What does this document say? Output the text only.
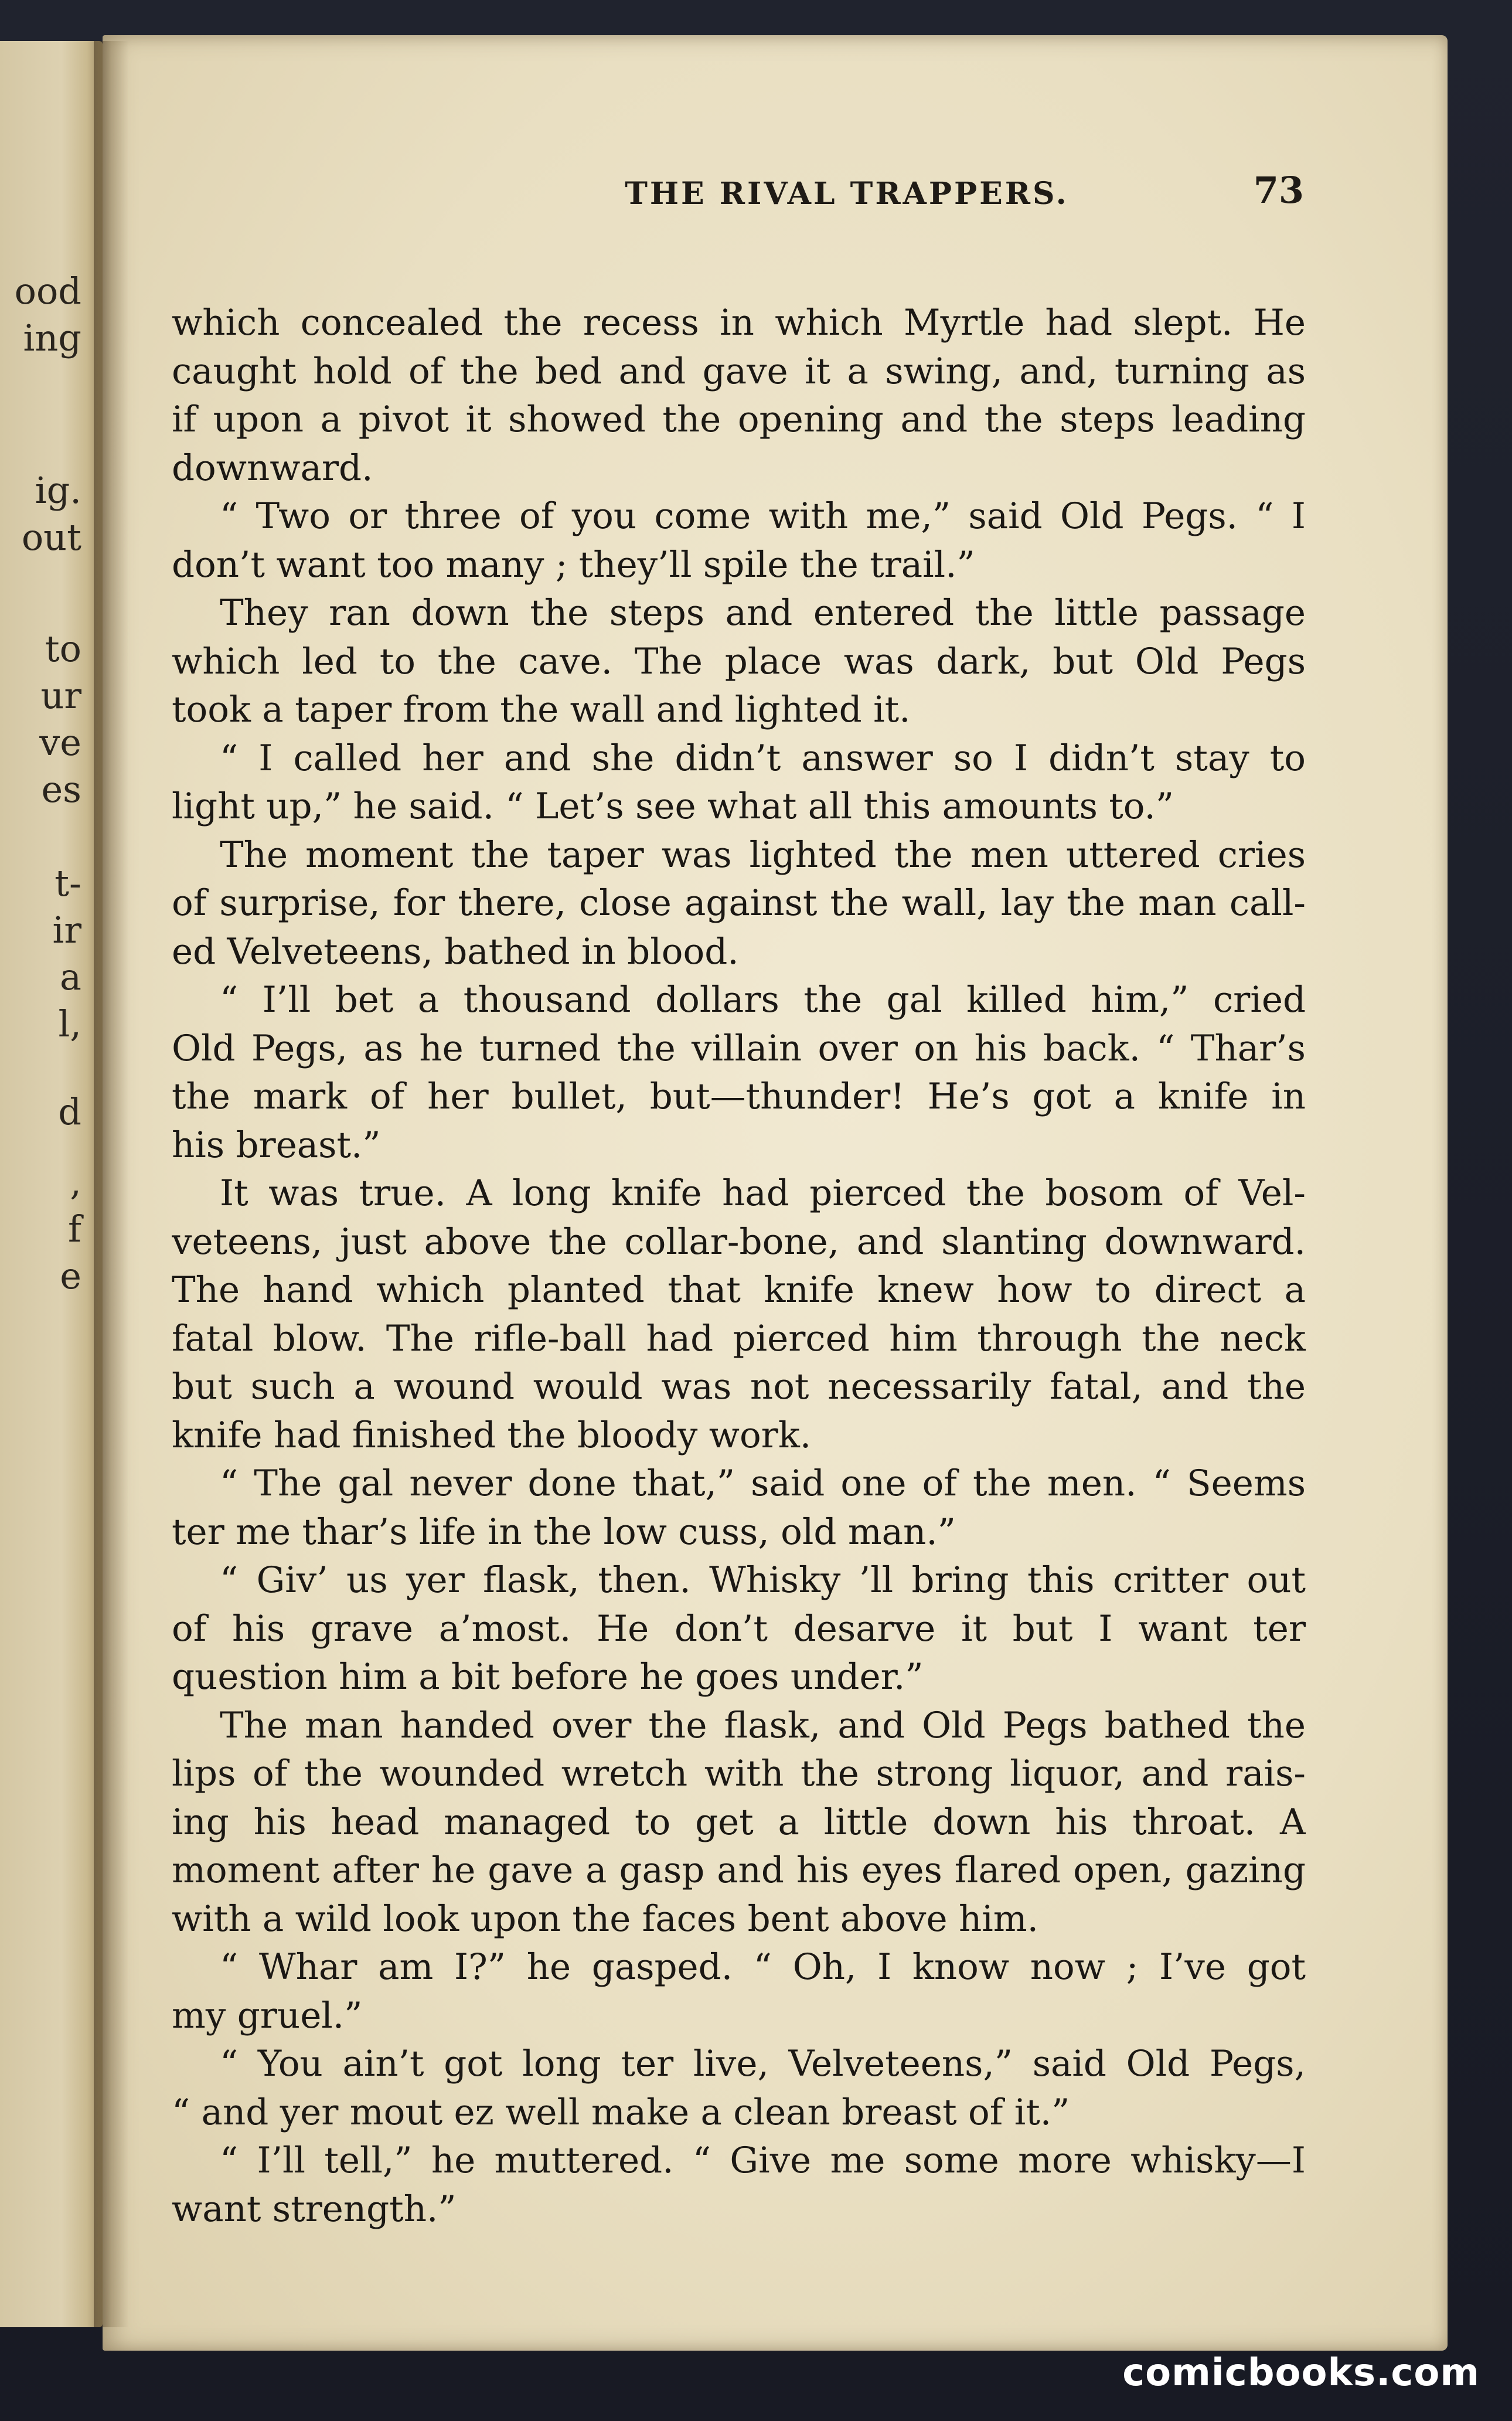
ood
ing
ig.
out
to
ur
ve
es
t-
ir
a
l,
d
,
f
e
THE RIVAL TRAPPERS.	73
which concealed the recess in which Myrtle had slept. He
caught hold of the bed and gave it a swing, and, turning as
if upon a pivot it showed the opening and the steps leading
downward.
“ Two or three of you come with me,” said Old Pegs. “ I
don’t want too many ; they’ll spile the trail.”
They ran down the steps and entered the little passage
which led to the cave. The place was dark, but Old Pegs
took a taper from the wall and lighted it.
“ I called her and she didn’t answer so I didn’t stay to
light up,” he said. “ Let’s see what all this amounts to.”
The moment the taper was lighted the men uttered cries
of surprise, for there, close against the wall, lay the man call-
ed Velveteens, bathed in blood.
“ I’ll bet a thousand dollars the gal killed him,” cried
Old Pegs, as he turned the villain over on his back. “ Thar’s
the mark of her bullet, but—thunder! He’s got a knife in
his breast.”
It was true. A long knife had pierced the bosom of Vel-
veteens, just above the collar-bone, and slanting downward.
The hand which planted that knife knew how to direct a
fatal blow. The rifle-ball had pierced him through the neck
but such a wound would was not necessarily fatal, and the
knife had finished the bloody work.
“ The gal never done that,” said one of the men. “ Seems
ter me thar’s life in the low cuss, old man.”
“ Giv’ us yer flask, then. Whisky ’ll bring this critter out
of his grave a’most. He don’t desarve it but I want ter
question him a bit before he goes under.”
The man handed over the flask, and Old Pegs bathed the
lips of the wounded wretch with the strong liquor, and rais-
ing his head managed to get a little down his throat. A
moment after he gave a gasp and his eyes flared open, gazing
with a wild look upon the faces bent above him.
“ Whar am I?” he gasped. “ Oh, I know now ; I’ve got
my gruel.”
“ You ain’t got long ter live, Velveteens,” said Old Pegs,
“ and yer mout ez well make a clean breast of it.”
“ I’ll tell,” he muttered. “ Give me some more whisky—I
want strength.”
comicbooks.com
